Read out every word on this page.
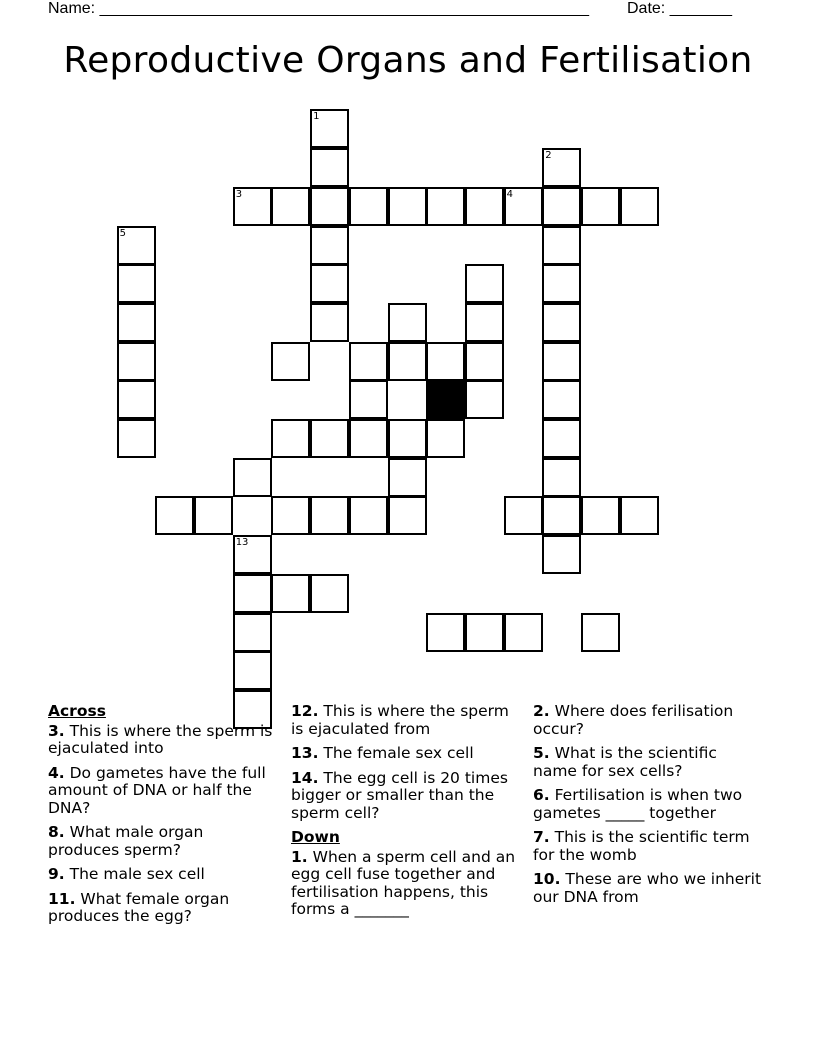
Name: _______________________________________________________ Date: _______
Reproductive Organs and Fertilisation
1
2
3	4
5
13
Across
3. This is where the sperm is ejaculated into
4. Do gametes have the full amount of DNA or half the DNA?
8. What male organ produces sperm?
9. The male sex cell
11. What female organ produces the egg?
12. This is where the sperm is ejaculated from
13. The female sex cell
14. The egg cell is 20 times bigger or smaller than the sperm cell?
Down
1. When a sperm cell and an egg cell fuse together and fertilisation happens, this forms a _______
2. Where does ferilisation occur?
5. What is the scientific name for sex cells?
6. Fertilisation is when two gametes _____ together
7. This is the scientific term for the womb
10. These are who we inherit our DNA from
